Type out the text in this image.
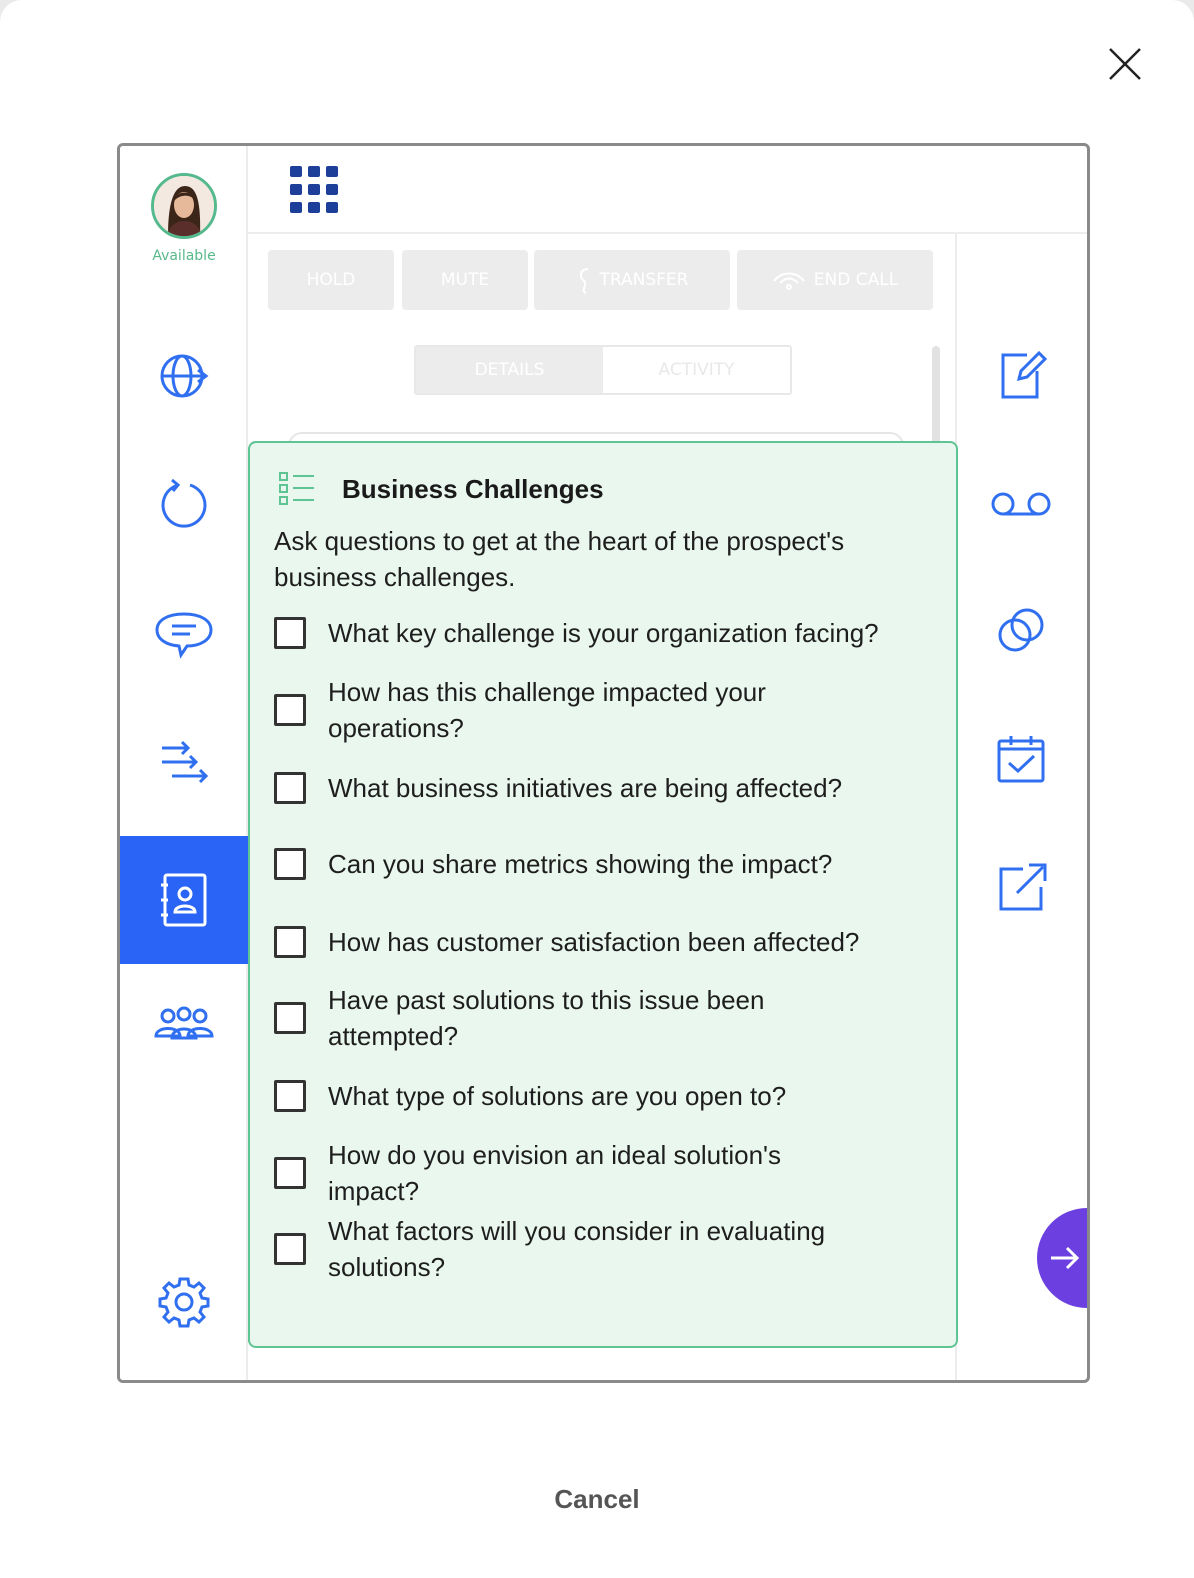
Available
HOLD	MUTE	TRANSFER	END CALL
DETAILS	ACTIVITY
Business Challenges
Ask questions to get at the heart of the prospect's business challenges.
What key challenge is your organization facing?
How has this challenge impacted your operations?
What business initiatives are being affected?
Can you share metrics showing the impact?
How has customer satisfaction been affected?
Have past solutions to this issue been attempted?
What type of solutions are you open to?
How do you envision an ideal solution's impact?
What factors will you consider in evaluating solutions?
Cancel
